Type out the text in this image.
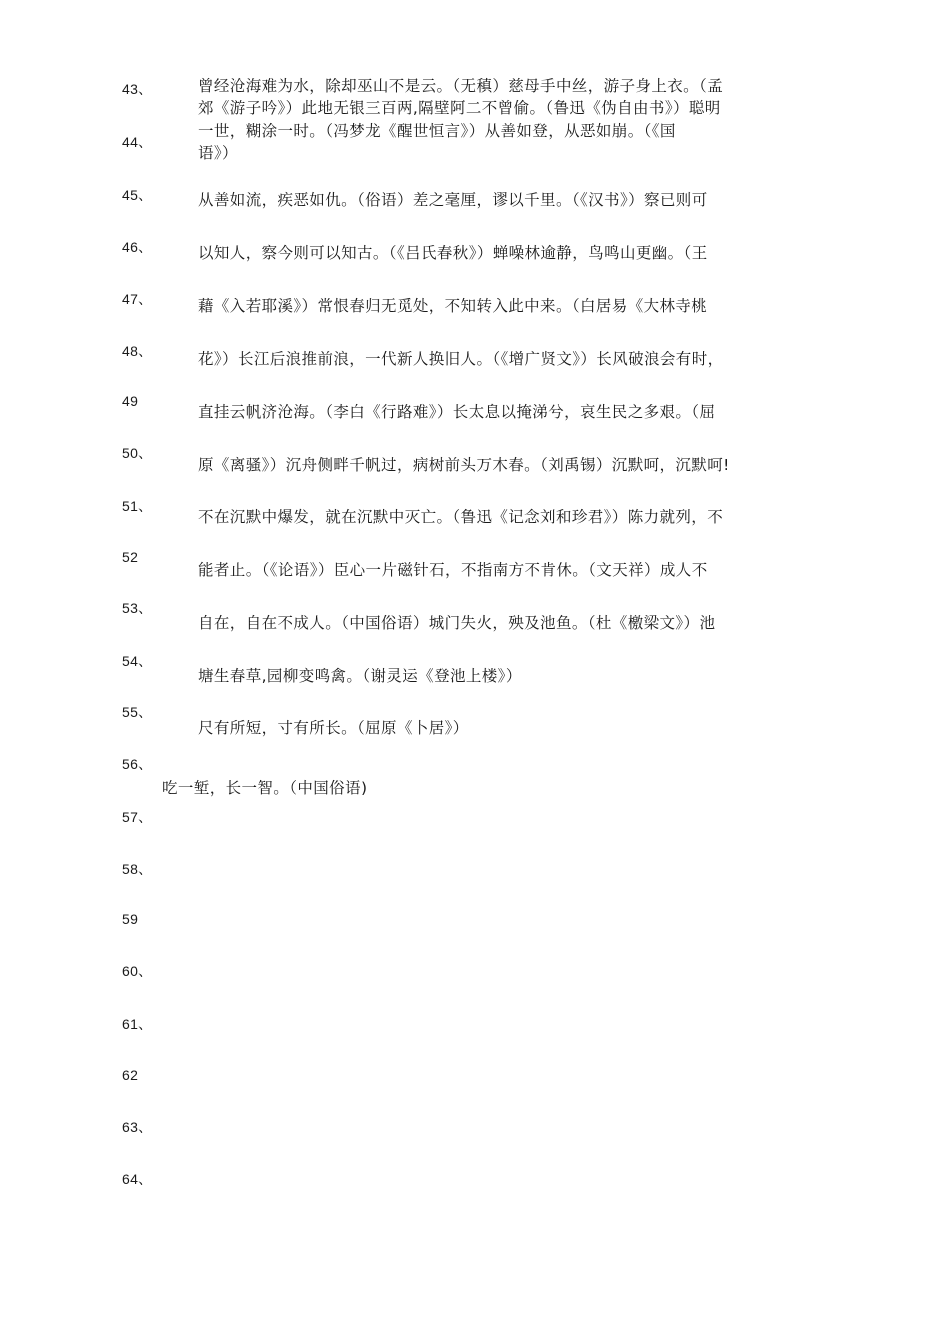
43、
44、
45、
46、
47、
48、
49
50、
51、
52
53、
54、
55、
56、
57、
58、
59
60、
61、
62
63、
64、
曾经沧海难为水，除却巫山不是云。（无稹）慈母手中丝，游子身上衣。（孟
郊《游子吟》）此地无银三百两,隔壁阿二不曾偷。（鲁迅《伪自由书》）聪明
一世，糊涂一时。（冯梦龙《醒世恒言》）从善如登，从恶如崩。（《国
语》）
从善如流，疾恶如仇。（俗语）差之毫厘，谬以千里。（《汉书》）察已则可
以知人，察今则可以知古。（《吕氏春秋》）蝉噪林逾静，鸟鸣山更幽。（王
藉《入若耶溪》）常恨春归无觅处，不知转入此中来。（白居易《大林寺桃
花》）长江后浪推前浪，一代新人换旧人。（《增广贤文》）长风破浪会有时，
直挂云帆济沧海。（李白《行路难》）长太息以掩涕兮，哀生民之多艰。（屈
原《离骚》）沉舟侧畔千帆过，病树前头万木春。（刘禹锡）沉默呵，沉默呵!
不在沉默中爆发，就在沉默中灭亡。（鲁迅《记念刘和珍君》）陈力就列，不
能者止。（《论语》）臣心一片磁针石，不指南方不肯休。（文天祥）成人不
自在，自在不成人。（中国俗语）城门失火，殃及池鱼。（杜《檄梁文》）池
塘生春草,园柳变鸣禽。（谢灵运《登池上楼》）
尺有所短，寸有所长。（屈原《卜居》）
吃一堑，长一智。（中国俗语)
